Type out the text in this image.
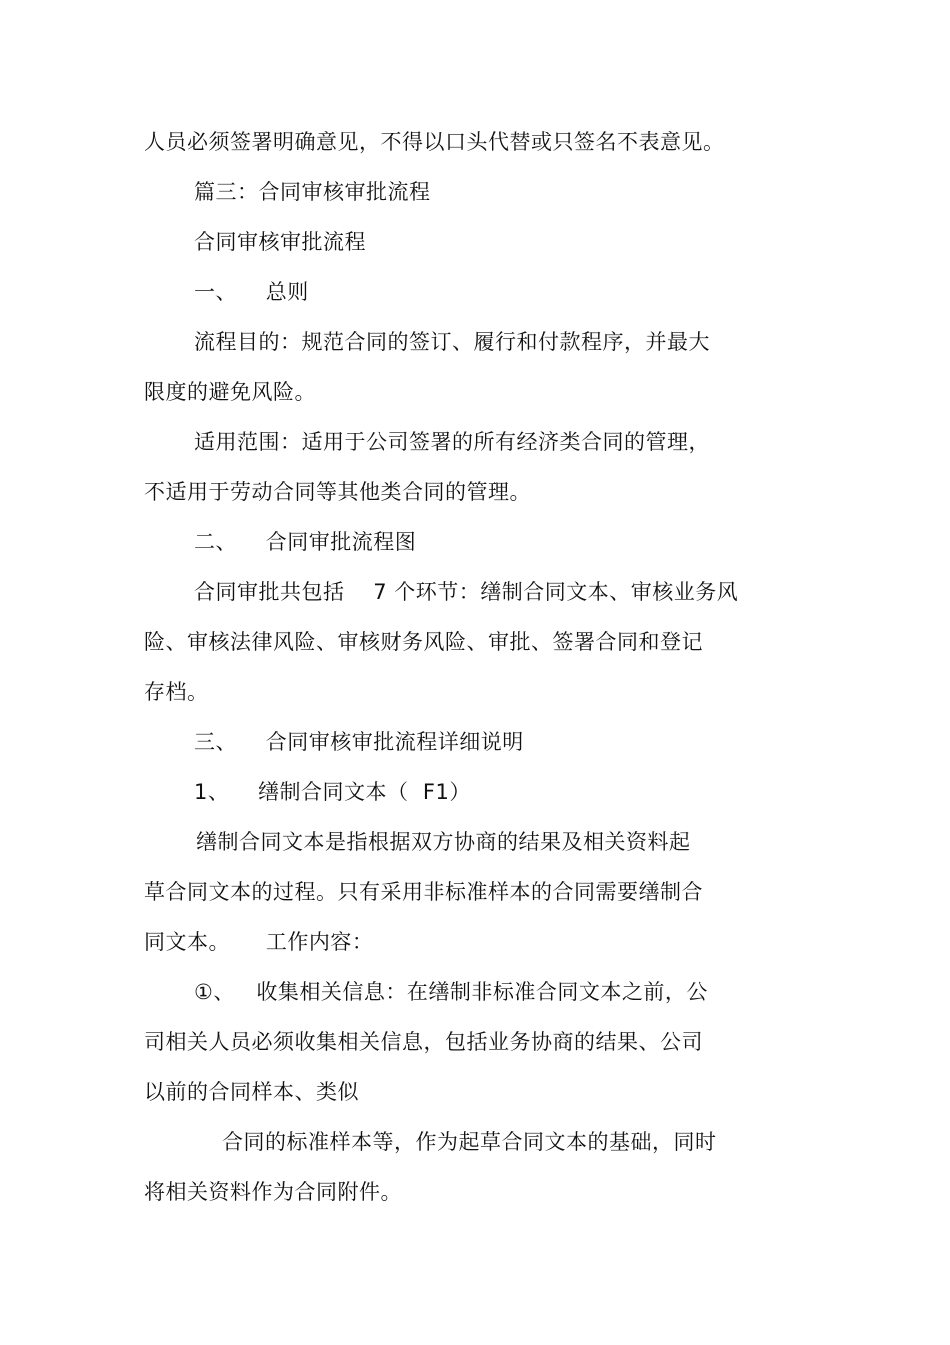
人员必须签署明确意见，不得以口头代替或只签名不表意见。
篇三：合同审核审批流程
合同审核审批流程
一、    总则
流程目的：规范合同的签订、履行和付款程序，并最大
限度的避免风险。
适用范围：适用于公司签署的所有经济类合同的管理，
不适用于劳动合同等其他类合同的管理。
二、    合同审批流程图
合同审批共包括    7 个环节：缮制合同文本、审核业务风
险、审核法律风险、审核财务风险、审批、签署合同和登记
存档。
三、    合同审核审批流程详细说明
1、    缮制合同文本（  F1）
缮制合同文本是指根据双方协商的结果及相关资料起
草合同文本的过程。只有采用非标准样本的合同需要缮制合
同文本。     工作内容：
①、   收集相关信息：在缮制非标准合同文本之前，公
司相关人员必须收集相关信息，包括业务协商的结果、公司
以前的合同样本、类似
合同的标准样本等，作为起草合同文本的基础，同时
将相关资料作为合同附件。
